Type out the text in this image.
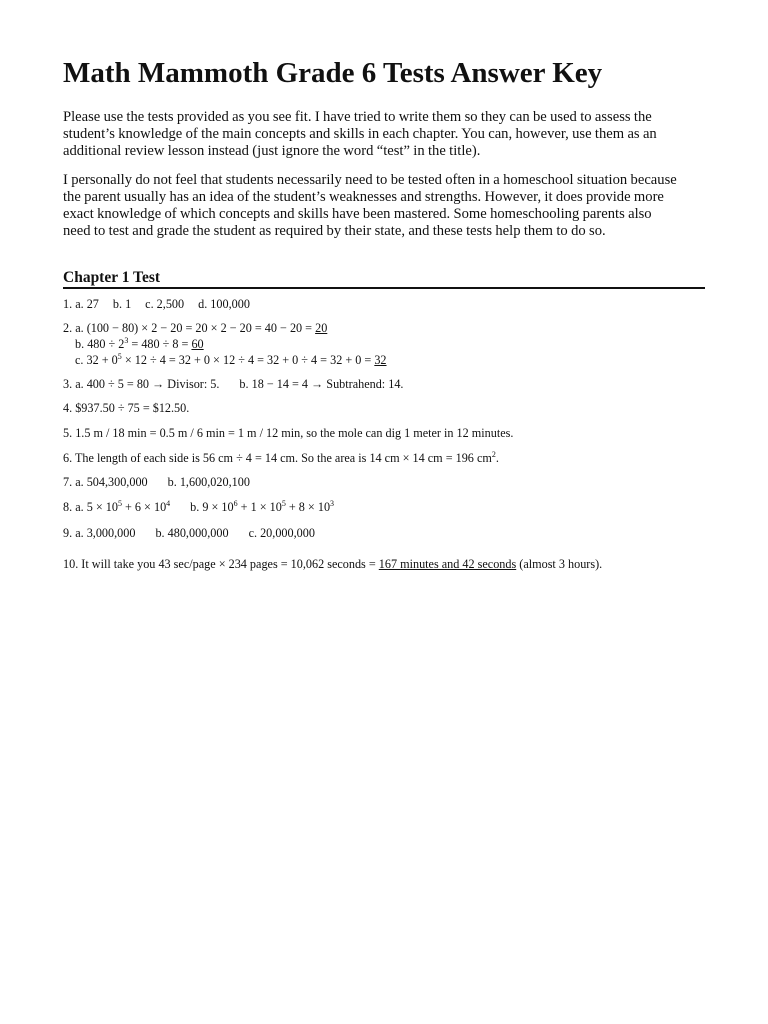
Math Mammoth Grade 6 Tests Answer Key

Please use the tests provided as you see fit. I have tried to write them so they can be used to assess the
student’s knowledge of the main concepts and skills in each chapter. You can, however, use them as an
additional review lesson instead (just ignore the word “test” in the title).

I personally do not feel that students necessarily need to be tested often in a homeschool situation because
the parent usually has an idea of the student’s weaknesses and strengths. However, it does provide more
exact knowledge of which concepts and skills have been mastered. Some homeschooling parents also
need to test and grade the student as required by their state, and these tests help them to do so.

Chapter 1 Test
1. a. 27 b. 1 c. 2,500 d. 100,000
2. a. (100 − 80) × 2 − 20 = 20 × 2 − 20 = 40 − 20 = 20
b. $480 \div 2^3 = 480 \div 8 = 60$
c. $32 + 0^5 \times 12 \div 4 = 32 + 0 \times 12 \div 4 = 32 + 0 \div 4 = 32 + 0 = 32$
3. a. 400 ÷ 5 = 80 → Divisor: 5. b. 18 − 14 = 4 → Subtrahend: 14.
4. $937.50 ÷ 75 = $12.50.
5. 1.5 m / 18 min = 0.5 m / 6 min = 1 m / 12 min, so the mole can dig 1 meter in 12 minutes.
6. The length of each side is 56 cm ÷ 4 = 14 cm. So the area is 14 cm × 14 cm = 196 $cm^2$.
7. a. 504,300,000 b. 1,600,020,100
8. a. $5 \times 10^5 + 6 \times 10^4$ b. $9 \times 10^6 + 1 \times 10^5 + 8 \times 10^3$
9. a. 3,000,000 b. 480,000,000 c. 20,000,000
10. It will take you 43 sec/page × 234 pages = 10,062 seconds = 167 minutes and 42 seconds (almost 3 hours).
